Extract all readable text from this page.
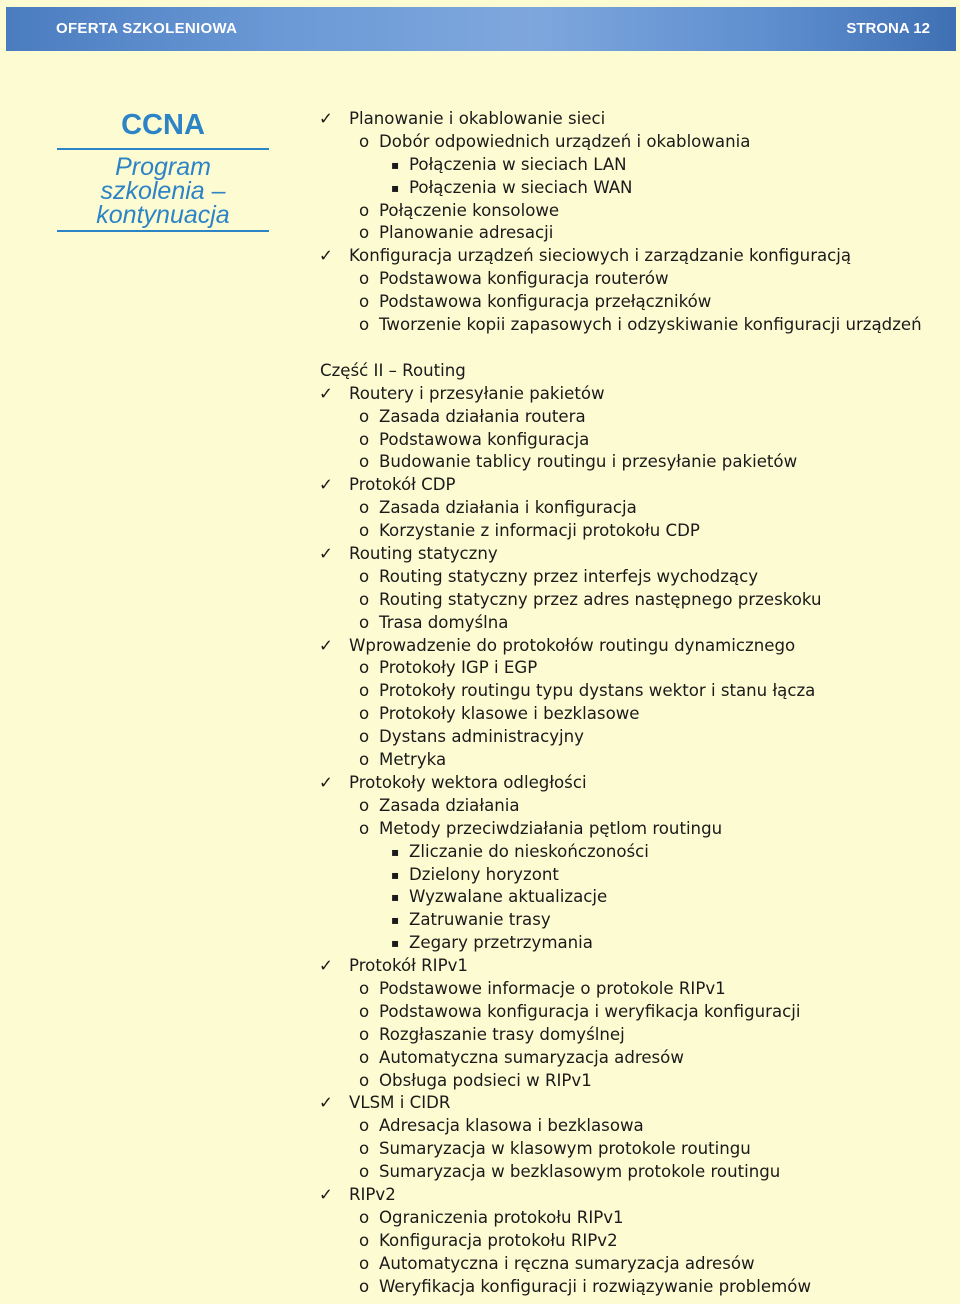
OFERTA SZKOLENIOWA	STRONA 12
CCNA
Program
szkolenia –
kontynuacja
✓ Planowanie i okablowanie sieci
o Dobór odpowiednich urządzeń i okablowania
▪ Połączenia w sieciach LAN
▪ Połączenia w sieciach WAN
o Połączenie konsolowe
o Planowanie adresacji
✓ Konfiguracja urządzeń sieciowych i zarządzanie konfiguracją
o Podstawowa konfiguracja routerów
o Podstawowa konfiguracja przełączników
o Tworzenie kopii zapasowych i odzyskiwanie konfiguracji urządzeń
Część II – Routing
✓ Routery i przesyłanie pakietów
o Zasada działania routera
o Podstawowa konfiguracja
o Budowanie tablicy routingu i przesyłanie pakietów
✓ Protokół CDP
o Zasada działania i konfiguracja
o Korzystanie z informacji protokołu CDP
✓ Routing statyczny
o Routing statyczny przez interfejs wychodzący
o Routing statyczny przez adres następnego przeskoku
o Trasa domyślna
✓ Wprowadzenie do protokołów routingu dynamicznego
o Protokoły IGP i EGP
o Protokoły routingu typu dystans wektor i stanu łącza
o Protokoły klasowe i bezklasowe
o Dystans administracyjny
o Metryka
✓ Protokoły wektora odległości
o Zasada działania
o Metody przeciwdziałania pętlom routingu
▪ Zliczanie do nieskończoności
▪ Dzielony horyzont
▪ Wyzwalane aktualizacje
▪ Zatruwanie trasy
▪ Zegary przetrzymania
✓ Protokół RIPv1
o Podstawowe informacje o protokole RIPv1
o Podstawowa konfiguracja i weryfikacja konfiguracji
o Rozgłaszanie trasy domyślnej
o Automatyczna sumaryzacja adresów
o Obsługa podsieci w RIPv1
✓ VLSM i CIDR
o Adresacja klasowa i bezklasowa
o Sumaryzacja w klasowym protokole routingu
o Sumaryzacja w bezklasowym protokole routingu
✓ RIPv2
o Ograniczenia protokołu RIPv1
o Konfiguracja protokołu RIPv2
o Automatyczna i ręczna sumaryzacja adresów
o Weryfikacja konfiguracji i rozwiązywanie problemów
